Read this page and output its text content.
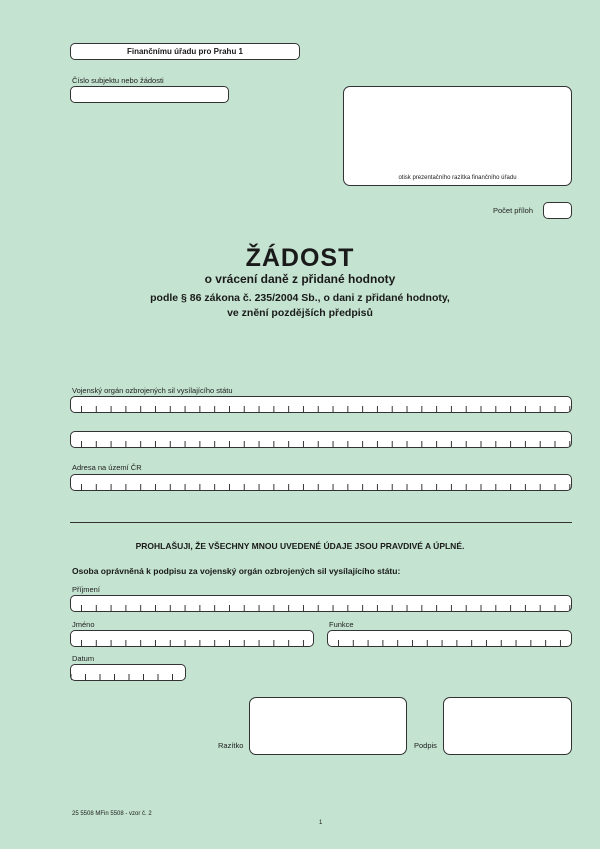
Finančnímu úřadu pro Prahu 1
Číslo subjektu nebo žádosti
otisk prezentačního razítka finančního úřadu
Počet příloh
ŽÁDOST
o vrácení daně z přidané hodnoty
podle § 86 zákona č. 235/2004 Sb., o dani z přidané hodnoty,
ve znění pozdějších předpisů
Vojenský orgán ozbrojených sil vysílajícího státu
Adresa na území ČR
PROHLAŠUJI, ŽE VŠECHNY MNOU UVEDENÉ ÚDAJE JSOU PRAVDIVÉ A ÚPLNÉ.
Osoba oprávněná k podpisu za vojenský orgán ozbrojených sil vysílajícího státu:
Příjmení
Jméno	Funkce
Datum
Razítko	Podpis
25 5508 MFin 5508 - vzor č. 2
1
